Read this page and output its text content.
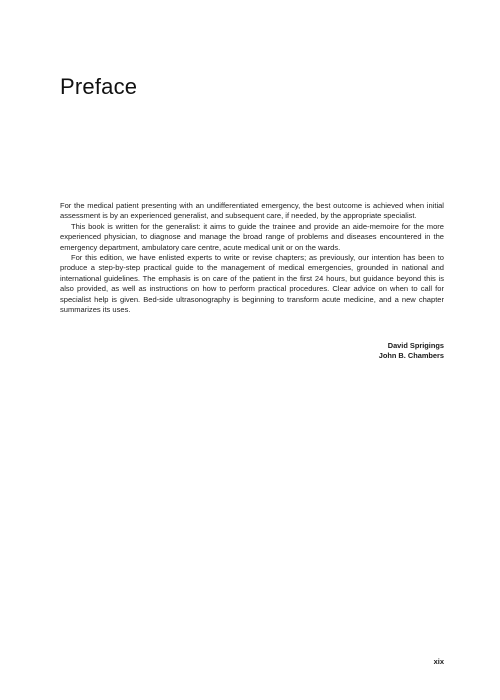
Preface

For the medical patient presenting with an undifferentiated emergency, the best outcome is achieved when initial assessment is by an experienced generalist, and subsequent care, if needed, by the appropriate specialist.

This book is written for the generalist: it aims to guide the trainee and provide an aide-memoire for the more experienced physician, to diagnose and manage the broad range of problems and diseases encountered in the emergency department, ambulatory care centre, acute medical unit or on the wards.

For this edition, we have enlisted experts to write or revise chapters; as previously, our intention has been to produce a step-by-step practical guide to the management of medical emergencies, grounded in national and international guidelines. The emphasis is on care of the patient in the first 24 hours, but guidance beyond this is also provided, as well as instructions on how to perform practical procedures. Clear advice on when to call for specialist help is given. Bed-side ultrasonography is beginning to transform acute medicine, and a new chapter summarizes its uses.

David Sprigings
John B. Chambers
xix
